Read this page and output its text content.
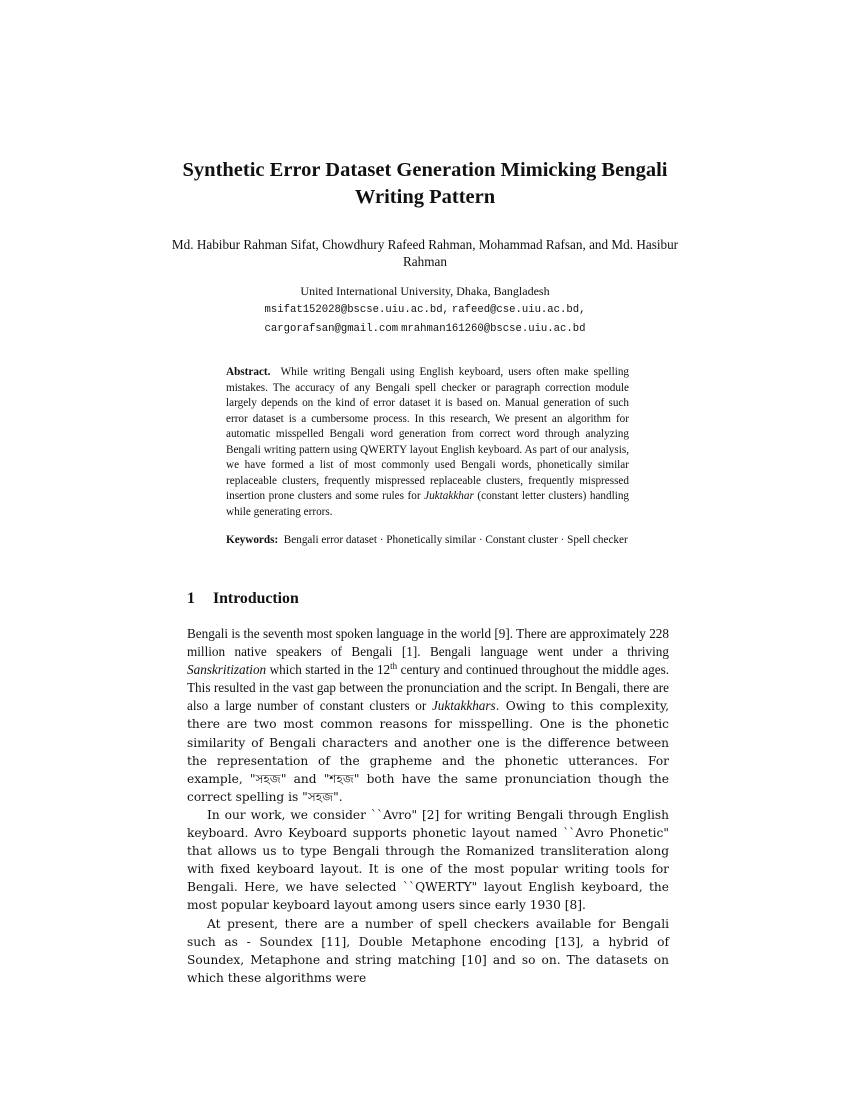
Synthetic Error Dataset Generation Mimicking Bengali Writing Pattern

Md. Habibur Rahman Sifat, Chowdhury Rafeed Rahman, Mohammad Rafsan, and Md. Hasibur Rahman

United International University, Dhaka, Bangladesh
msifat152028@bscse.uiu.ac.bd, rafeed@cse.uiu.ac.bd,
cargorafsan@gmail.com mrahman161260@bscse.uiu.ac.bd

Abstract. While writing Bengali using English keyboard, users often make spelling mistakes. The accuracy of any Bengali spell checker or paragraph correction module largely depends on the kind of error dataset it is based on. Manual generation of such error dataset is a cumbersome process. In this research, We present an algorithm for automatic misspelled Bengali word generation from correct word through analyzing Bengali writing pattern using QWERTY layout English keyboard. As part of our analysis, we have formed a list of most commonly used Bengali words, phonetically similar replaceable clusters, frequently mispressed replaceable clusters, frequently mispressed insertion prone clusters and some rules for Juktakkhar (constant letter clusters) handling while generating errors.

Keywords: Bengali error dataset · Phonetically similar · Constant cluster · Spell checker

1 Introduction

Bengali is the seventh most spoken language in the world [9]. There are approximately 228 million native speakers of Bengali [1]. Bengali language went under a thriving Sanskritization which started in the 12th century and continued throughout the middle ages. This resulted in the vast gap between the pronunciation and the script. In Bengali, there are also a large number of constant clusters or Juktakkhars. Owing to this complexity, there are two most common reasons for misspelling. One is the phonetic similarity of Bengali characters and another one is the difference between the representation of the grapheme and the phonetic utterances. For example, "সহজ" and "শহজ" both have the same pronunciation though the correct spelling is "সহজ".

In our work, we consider ``Avro" [2] for writing Bengali through English keyboard. Avro Keyboard supports phonetic layout named ``Avro Phonetic" that allows us to type Bengali through the Romanized transliteration along with fixed keyboard layout. It is one of the most popular writing tools for Bengali. Here, we have selected ``QWERTY" layout English keyboard, the most popular keyboard layout among users since early 1930 [8].

At present, there are a number of spell checkers available for Bengali such as - Soundex [11], Double Metaphone encoding [13], a hybrid of Soundex, Metaphone and string matching [10] and so on. The datasets on which these algorithms were
